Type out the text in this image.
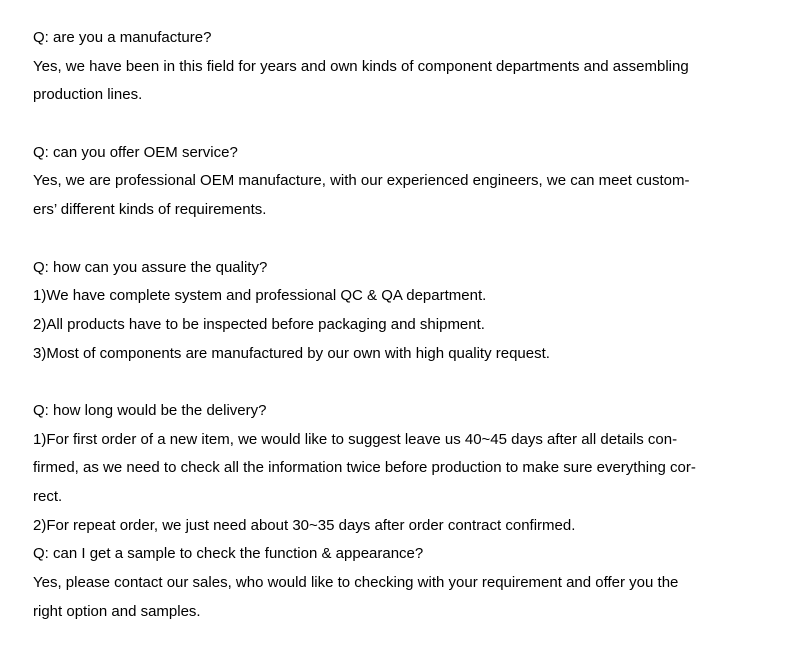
Q: are you a manufacture?
Yes, we have been in this field for years and own kinds of component departments and assembling
production lines.
Q: can you offer OEM service?
Yes, we are professional OEM manufacture, with our experienced engineers, we can meet custom-
ers’ different kinds of requirements.
Q: how can you assure the quality?
1)We have complete system and professional QC & QA department.
2)All products have to be inspected before packaging and shipment.
3)Most of components are manufactured by our own with high quality request.
Q: how long would be the delivery?
1)For first order of a new item, we would like to suggest leave us 40~45 days after all details con-
firmed, as we need to check all the information twice before production to make sure everything cor-
rect.
2)For repeat order, we just need about 30~35 days after order contract confirmed.
Q: can I get a sample to check the function & appearance?
Yes, please contact our sales, who would like to checking with your requirement and offer you the
right option and samples.
